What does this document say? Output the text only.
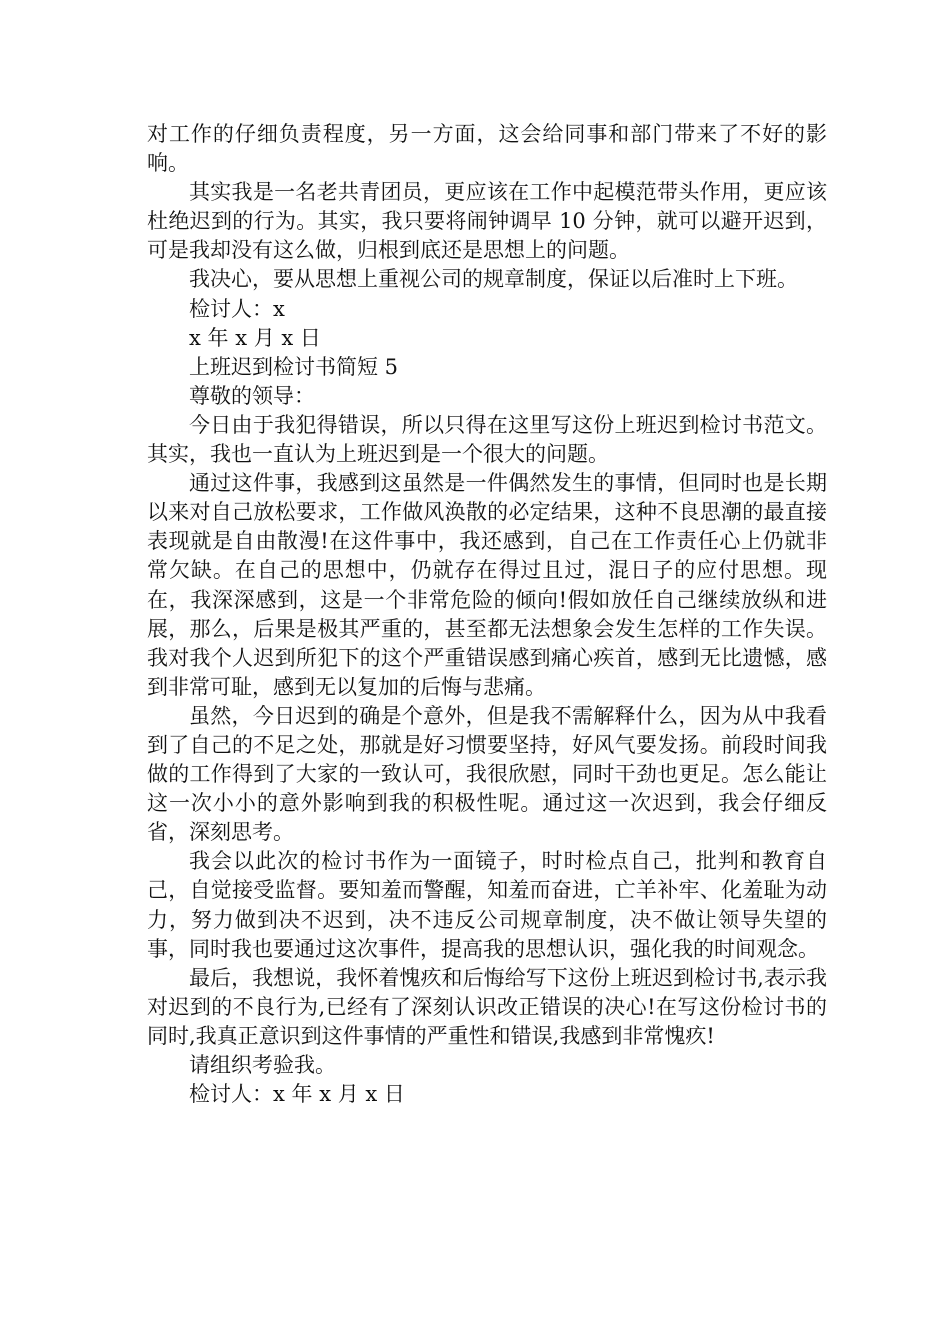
对工作的仔细负责程度，另一方面，这会给同事和部门带来了不好的影响。

其实我是一名老共青团员，更应该在工作中起模范带头作用，更应该杜绝迟到的行为。其实，我只要将闹钟调早 10 分钟，就可以避开迟到，可是我却没有这么做，归根到底还是思想上的问题。

我决心，要从思想上重视公司的规章制度，保证以后准时上下班。

检讨人：x

x 年 x 月 x 日

上班迟到检讨书简短 5

尊敬的领导：

今日由于我犯得错误，所以只得在这里写这份上班迟到检讨书范文。其实，我也一直认为上班迟到是一个很大的问题。

通过这件事，我感到这虽然是一件偶然发生的事情，但同时也是长期以来对自己放松要求，工作做风涣散的必定结果，这种不良思潮的最直接表现就是自由散漫!在这件事中，我还感到，自己在工作责任心上仍就非常欠缺。在自己的思想中，仍就存在得过且过，混日子的应付思想。现在，我深深感到，这是一个非常危险的倾向!假如放任自己继续放纵和进展，那么，后果是极其严重的，甚至都无法想象会发生怎样的工作失误。我对我个人迟到所犯下的这个严重错误感到痛心疾首，感到无比遗憾，感到非常可耻，感到无以复加的后悔与悲痛。

虽然，今日迟到的确是个意外，但是我不需解释什么，因为从中我看到了自己的不足之处，那就是好习惯要坚持，好风气要发扬。前段时间我做的工作得到了大家的一致认可，我很欣慰，同时干劲也更足。怎么能让这一次小小的意外影响到我的积极性呢。通过这一次迟到，我会仔细反省，深刻思考。

我会以此次的检讨书作为一面镜子，时时检点自己，批判和教育自己，自觉接受监督。要知羞而警醒，知羞而奋进，亡羊补牢、化羞耻为动力，努力做到决不迟到，决不违反公司规章制度，决不做让领导失望的事，同时我也要通过这次事件，提高我的思想认识，强化我的时间观念。

最后，我想说，我怀着愧疚和后悔给写下这份上班迟到检讨书,表示我对迟到的不良行为,已经有了深刻认识改正错误的决心!在写这份检讨书的同时,我真正意识到这件事情的严重性和错误,我感到非常愧疚!

请组织考验我。

检讨人：x 年 x 月 x 日
